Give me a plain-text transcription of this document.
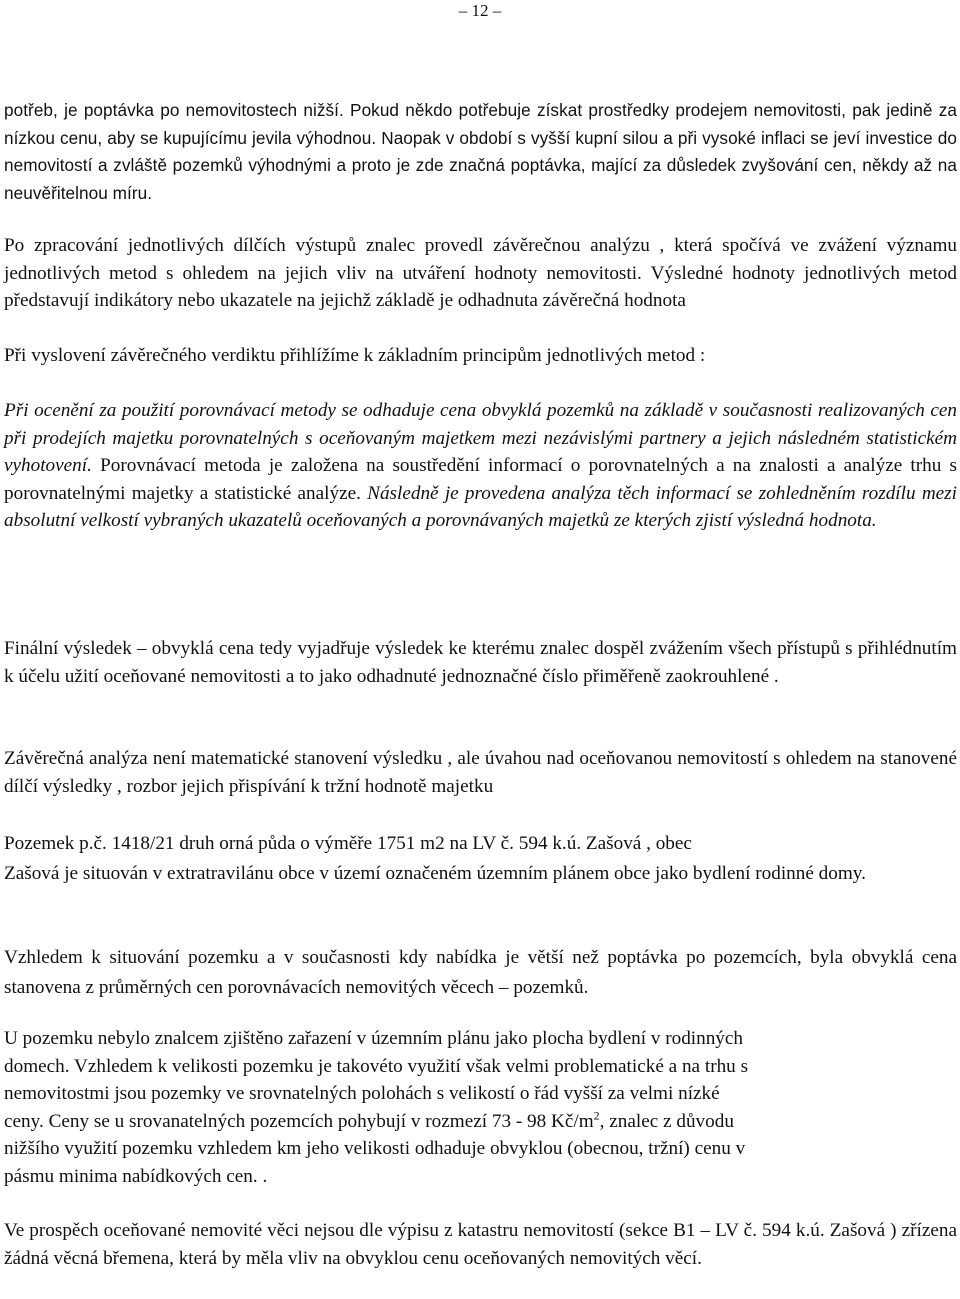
‒ 12 ‒

potřeb, je poptávka po nemovitostech nižší. Pokud někdo potřebuje získat prostředky prodejem nemovitosti, pak jedině za nízkou cenu, aby se kupujícímu jevila výhodnou. Naopak v období s vyšší kupní silou a při vysoké inflaci se jeví investice do nemovitostí a zvláště pozemků výhodnými a proto je zde značná poptávka, mající za důsledek zvyšování cen, někdy až na neuvěřitelnou míru.

Po zpracování jednotlivých dílčích výstupů znalec provedl závěrečnou analýzu , která spočívá ve zvážení významu jednotlivých metod s ohledem na jejich vliv na utváření hodnoty nemovitosti. Výsledné hodnoty jednotlivých metod představují indikátory nebo ukazatele na jejichž základě je odhadnuta závěrečná hodnota

Při vyslovení závěrečného verdiktu přihlížíme k základním principům jednotlivých metod :

Při ocenění za použití porovnávací metody se odhaduje cena obvyklá pozemků na základě v současnosti realizovaných cen při prodejích majetku porovnatelných s oceňovaným majetkem mezi nezávislými partnery a jejich následném statistickém vyhotovení. Porovnávací metoda je založena na soustředění informací o porovnatelných a na znalosti a analýze trhu s porovnatelnými majetky a statistické analýze. Následně je provedena analýza těch informací se zohledněním rozdílu mezi absolutní velkostí vybraných ukazatelů oceňovaných a porovnávaných majetků ze kterých zjistí výsledná hodnota.

Finální výsledek – obvyklá cena tedy vyjadřuje výsledek ke kterému znalec dospěl zvážením všech přístupů s přihlédnutím k účelu užití oceňované nemovitosti a to jako odhadnuté jednoznačné číslo přiměřeně zaokrouhlené .

Závěrečná analýza není matematické stanovení výsledku , ale úvahou nad oceňovanou nemovitostí s ohledem na stanovené dílčí výsledky , rozbor jejich přispívání k tržní hodnotě majetku

Pozemek p.č. 1418/21 druh orná půda o výměře 1751 m2 na LV č. 594 k.ú. Zašová , obec
Zašová je situován v extratravilánu obce v území označeném územním plánem obce jako bydlení rodinné domy.

Vzhledem k situování pozemku a v současnosti kdy nabídka je větší než poptávka po pozemcích, byla obvyklá cena stanovena z průměrných cen porovnávacích nemovitých věcech – pozemků.

U pozemku nebylo znalcem zjištěno zařazení v územním plánu jako plocha bydlení v rodinných
domech. Vzhledem k velikosti pozemku je takovéto využití však velmi problematické a na trhu s
nemovitostmi jsou pozemky ve srovnatelných polohách s velikostí o řád vyšší za velmi nízké
ceny. Ceny se u srovanatelných pozemcích pohybují v rozmezí 73 - 98 $Kč/m^2$, znalec z důvodu
nižšího využití pozemku vzhledem km jeho velikosti odhaduje obvyklou (obecnou, tržní) cenu v
pásmu minima nabídkových cen. .

Ve prospěch oceňované nemovité věci nejsou dle výpisu z katastru nemovitostí (sekce B1 – LV č. 594 k.ú. Zašová ) zřízena žádná věcná břemena, která by měla vliv na obvyklou cenu oceňovaných nemovitých věcí.
